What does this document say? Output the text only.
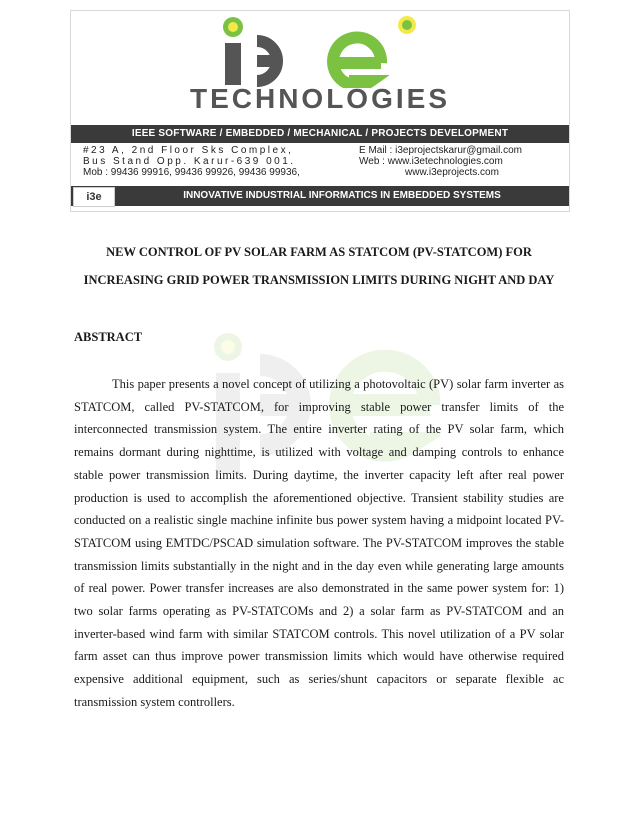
TECHNOLOGIES
IEEE SOFTWARE / EMBEDDED / MECHANICAL / PROJECTS DEVELOPMENT
#23 A, 2nd Floor Sks Complex,
Bus Stand Opp. Karur-639 001.
Mob : 99436 99916, 99436 99926, 99436 99936,
E Mail : i3eprojectskarur@gmail.com
Web : www.i3etechnologies.com
www.i3eprojects.com
i3e	INNOVATIVE INDUSTRIAL INFORMATICS IN EMBEDDED SYSTEMS
NEW CONTROL OF PV SOLAR FARM AS STATCOM (PV-STATCOM) FOR
INCREASING GRID POWER TRANSMISSION LIMITS DURING NIGHT AND DAY
ABSTRACT
This paper presents a novel concept of utilizing a photovoltaic (PV) solar farm inverter as STATCOM, called PV-STATCOM, for improving stable power transfer limits of the interconnected transmission system. The entire inverter rating of the PV solar farm, which remains dormant during nighttime, is utilized with voltage and damping controls to enhance stable power transmission limits. During daytime, the inverter capacity left after real power production is used to accomplish the aforementioned objective. Transient stability studies are conducted on a realistic single machine infinite bus power system having a midpoint located PV-STATCOM using EMTDC/PSCAD simulation software. The PV-STATCOM improves the stable transmission limits substantially in the night and in the day even while generating large amounts of real power. Power transfer increases are also demonstrated in the same power system for: 1) two solar farms operating as PV-STATCOMs and 2) a solar farm as PV-STATCOM and an inverter-based wind farm with similar STATCOM controls. This novel utilization of a PV solar farm asset can thus improve power transmission limits which would have otherwise required expensive additional equipment, such as series/shunt capacitors or separate flexible ac transmission system controllers.
